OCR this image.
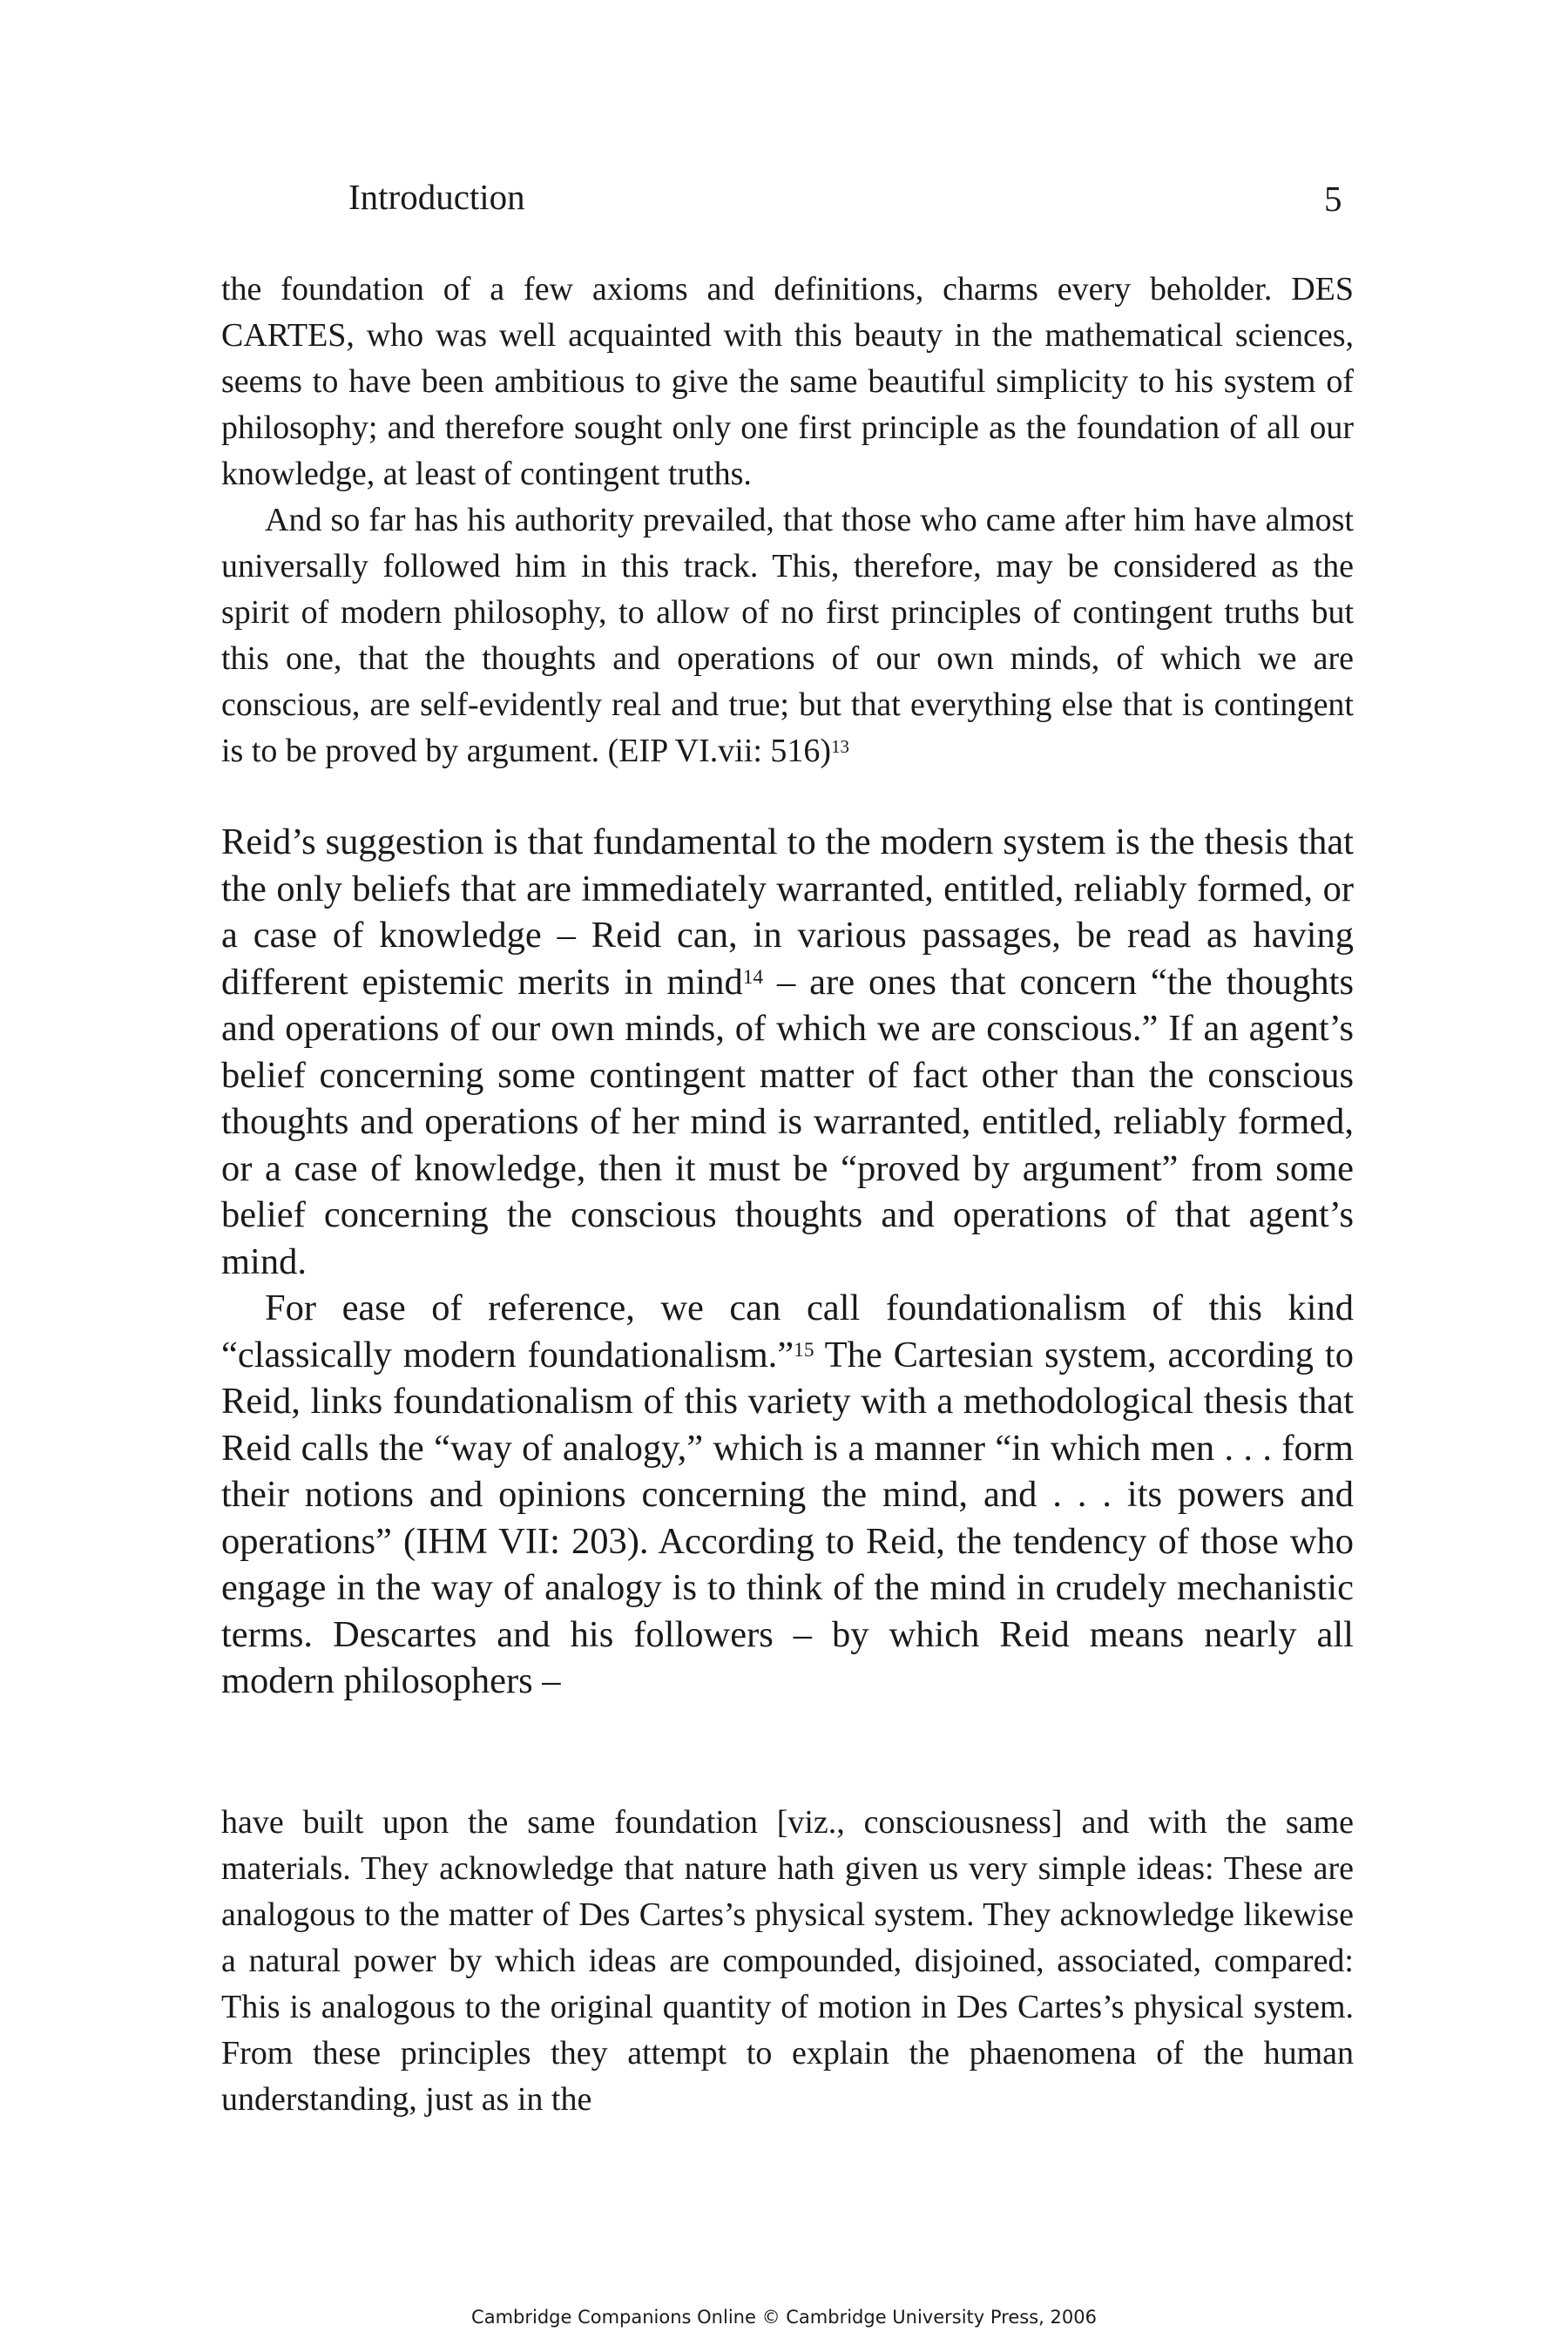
Introduction	5

the foundation of a few axioms and definitions, charms every beholder. DES CARTES, who was well acquainted with this beauty in the mathematical sciences, seems to have been ambitious to give the same beautiful simplicity to his system of philosophy; and therefore sought only one first principle as the foundation of all our knowledge, at least of contingent truths.

And so far has his authority prevailed, that those who came after him have almost universally followed him in this track. This, therefore, may be considered as the spirit of modern philosophy, to allow of no first principles of contingent truths but this one, that the thoughts and operations of our own minds, of which we are conscious, are self-evidently real and true; but that everything else that is contingent is to be proved by argument. (EIP VI.vii: 516)$^{13}$

Reid’s suggestion is that fundamental to the modern system is the thesis that the only beliefs that are immediately warranted, entitled, reliably formed, or a case of knowledge – Reid can, in various passages, be read as having different epistemic merits in mind$^{14}$ – are ones that concern “the thoughts and operations of our own minds, of which we are conscious.” If an agent’s belief concerning some contingent matter of fact other than the conscious thoughts and operations of her mind is warranted, entitled, reliably formed, or a case of knowledge, then it must be “proved by argument” from some belief concerning the conscious thoughts and operations of that agent’s mind.

For ease of reference, we can call foundationalism of this kind “classically modern foundationalism.”$^{15}$ The Cartesian system, according to Reid, links foundationalism of this variety with a methodological thesis that Reid calls the “way of analogy,” which is a manner “in which men . . . form their notions and opinions concerning the mind, and . . . its powers and operations” (IHM VII: 203). According to Reid, the tendency of those who engage in the way of analogy is to think of the mind in crudely mechanistic terms. Descartes and his followers – by which Reid means nearly all modern philosophers –

have built upon the same foundation [viz., consciousness] and with the same materials. They acknowledge that nature hath given us very simple ideas: These are analogous to the matter of Des Cartes’s physical system. They acknowledge likewise a natural power by which ideas are compounded, disjoined, associated, compared: This is analogous to the original quantity of motion in Des Cartes’s physical system. From these principles they attempt to explain the phaenomena of the human understanding, just as in the

Cambridge Companions Online © Cambridge University Press, 2006
